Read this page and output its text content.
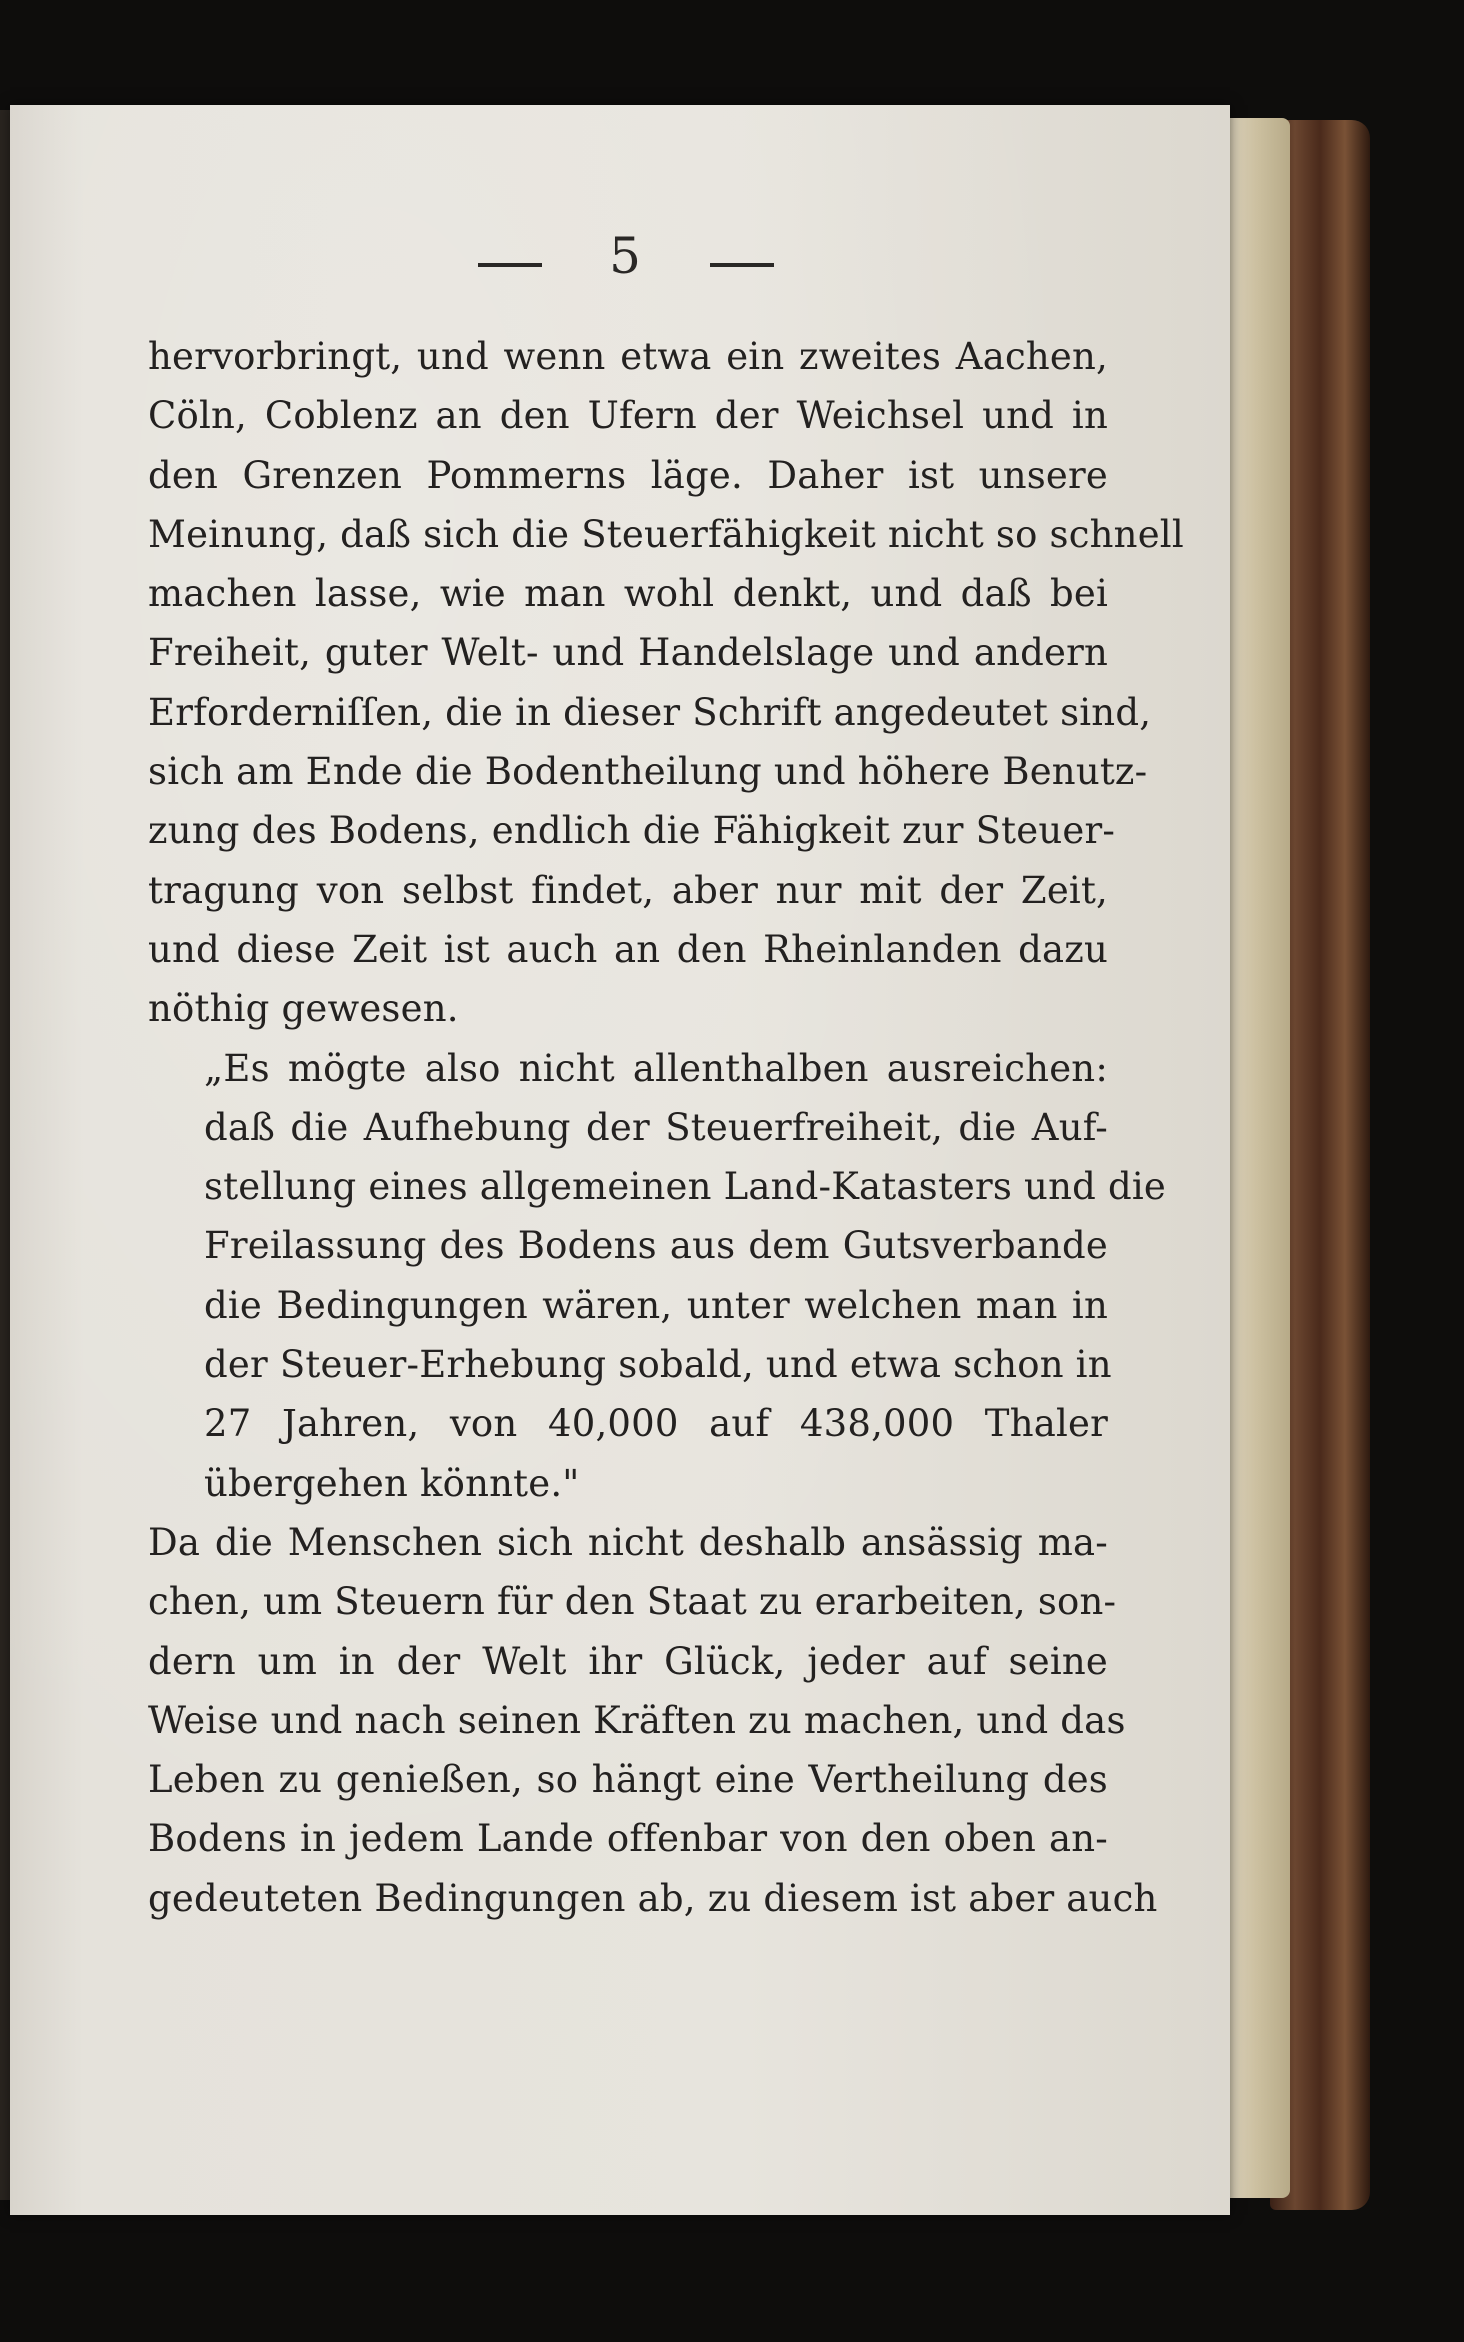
5
hervorbringt, und wenn etwa ein zweites Aachen,
Cöln, Coblenz an den Ufern der Weichsel und in
den Grenzen Pommerns läge. Daher ist unsere
Meinung, daß sich die Steuerfähigkeit nicht so schnell
machen lasse, wie man wohl denkt, und daß bei
Freiheit, guter Welt- und Handelslage und andern
Erforderniſſen, die in dieser Schrift angedeutet sind,
sich am Ende die Bodentheilung und höhere Benutz-
zung des Bodens, endlich die Fähigkeit zur Steuer-
tragung von selbst findet, aber nur mit der Zeit,
und diese Zeit ist auch an den Rheinlanden dazu
nöthig gewesen.
„Es mögte also nicht allenthalben ausreichen:
daß die Aufhebung der Steuerfreiheit, die Auf-
stellung eines allgemeinen Land-Katasters und die
Freilassung des Bodens aus dem Gutsverbande
die Bedingungen wären, unter welchen man in
der Steuer-Erhebung sobald, und etwa schon in
27 Jahren, von 40,000 auf 438,000 Thaler
übergehen könnte."
Da die Menschen sich nicht deshalb ansässig ma-
chen, um Steuern für den Staat zu erarbeiten, son-
dern um in der Welt ihr Glück, jeder auf seine
Weise und nach seinen Kräften zu machen, und das
Leben zu genießen, so hängt eine Vertheilung des
Bodens in jedem Lande offenbar von den oben an-
gedeuteten Bedingungen ab, zu diesem ist aber auch
